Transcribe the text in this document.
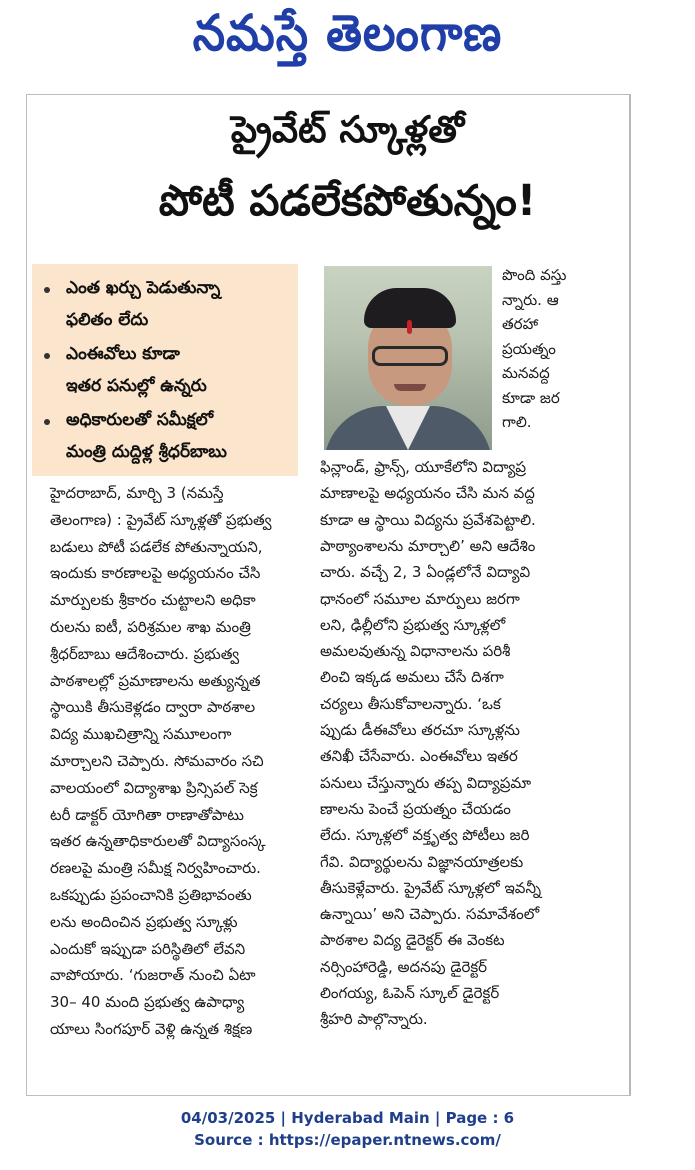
నమస్తే తెలంగాణ
ప్రైవేట్ స్కూళ్లతో
పోటీ పడలేకపోతున్నం!
ఎంత ఖర్చు పెడుతున్నా
ఫలితం లేదు
ఎంఈవోలు కూడా
ఇతర పనుల్లో ఉన్నరు
అధికారులతో సమీక్షలో
మంత్రి దుద్దిళ్ల శ్రీధర్‌బాబు
పొంది వస్తు
న్నారు. ఆ
తరహా
ప్రయత్నం
మనవద్ద
కూడా జర
గాలి.
హైదరాబాద్, మార్చి 3 (నమస్తే
తెలంగాణ) : ప్రైవేట్ స్కూళ్లతో ప్రభుత్వ
బడులు పోటీ పడలేక పోతున్నాయని,
ఇందుకు కారణాలపై అధ్యయనం చేసి
మార్పులకు శ్రీకారం చుట్టాలని అధికా
రులను ఐటీ, పరిశ్రమల శాఖ మంత్రి
శ్రీధర్‌బాబు ఆదేశించారు. ప్రభుత్వ
పాఠశాలల్లో ప్రమాణాలను అత్యున్నత
స్థాయికి తీసుకెళ్లడం ద్వారా పాఠశాల
విద్య ముఖచిత్రాన్ని సమూలంగా
మార్చాలని చెప్పారు. సోమవారం సచి
వాలయంలో విద్యాశాఖ ప్రిన్సిపల్ సెక్ర
టరీ డాక్టర్ యోగితా రాణాతోపాటు
ఇతర ఉన్నతాధికారులతో విద్యాసంస్క
రణలపై మంత్రి సమీక్ష నిర్వహించారు.
ఒకప్పుడు ప్రపంచానికి ప్రతిభావంతు
లను అందించిన ప్రభుత్వ స్కూళ్లు
ఎందుకో ఇప్పుడా పరిస్థితిలో లేవని
వాపోయారు. ‘గుజరాత్ నుంచి ఏటా
30– 40 మంది ప్రభుత్వ ఉపాధ్యా
యాలు సింగపూర్ వెళ్లి ఉన్నత శిక్షణ
ఫిన్లాండ్, ఫ్రాన్స్, యూకేలోని విద్యాప్ర
మాణాలపై అధ్యయనం చేసి మన వద్ద
కూడా ఆ స్థాయి విద్యను ప్రవేశపెట్టాలి.
పాఠ్యాంశాలను మార్చాలి’ అని ఆదేశిం
చారు. వచ్చే 2, 3 ఏండ్లలోనే విద్యావి
ధానంలో సమూల మార్పులు జరగా
లని, ఢిల్లీలోని ప్రభుత్వ స్కూళ్లలో
అమలవుతున్న విధానాలను పరిశీ
లించి ఇక్కడ అమలు చేసే దిశగా
చర్యలు తీసుకోవాలన్నారు. ‘ఒక
ప్పుడు డీఈవోలు తరచూ స్కూళ్లను
తనిఖీ చేసేవారు. ఎంఈవోలు ఇతర
పనులు చేస్తున్నారు తప్ప విద్యాప్రమా
ణాలను పెంచే ప్రయత్నం చేయడం
లేదు. స్కూళ్లలో వక్తృత్వ పోటీలు జరి
గేవి. విద్యార్థులను విజ్ఞానయాత్రలకు
తీసుకెళ్లేవారు. ప్రైవేట్ స్కూళ్లలో ఇవన్నీ
ఉన్నాయి’ అని చెప్పారు. సమావేశంలో
పాఠశాల విద్య డైరెక్టర్ ఈ వెంకట
నర్సింహారెడ్డి, అదనపు డైరెక్టర్
లింగయ్య, ఓపెన్ స్కూల్ డైరెక్టర్
శ్రీహరి పాల్గొన్నారు.
04/03/2025 | Hyderabad Main | Page : 6
Source : https://epaper.ntnews.com/
